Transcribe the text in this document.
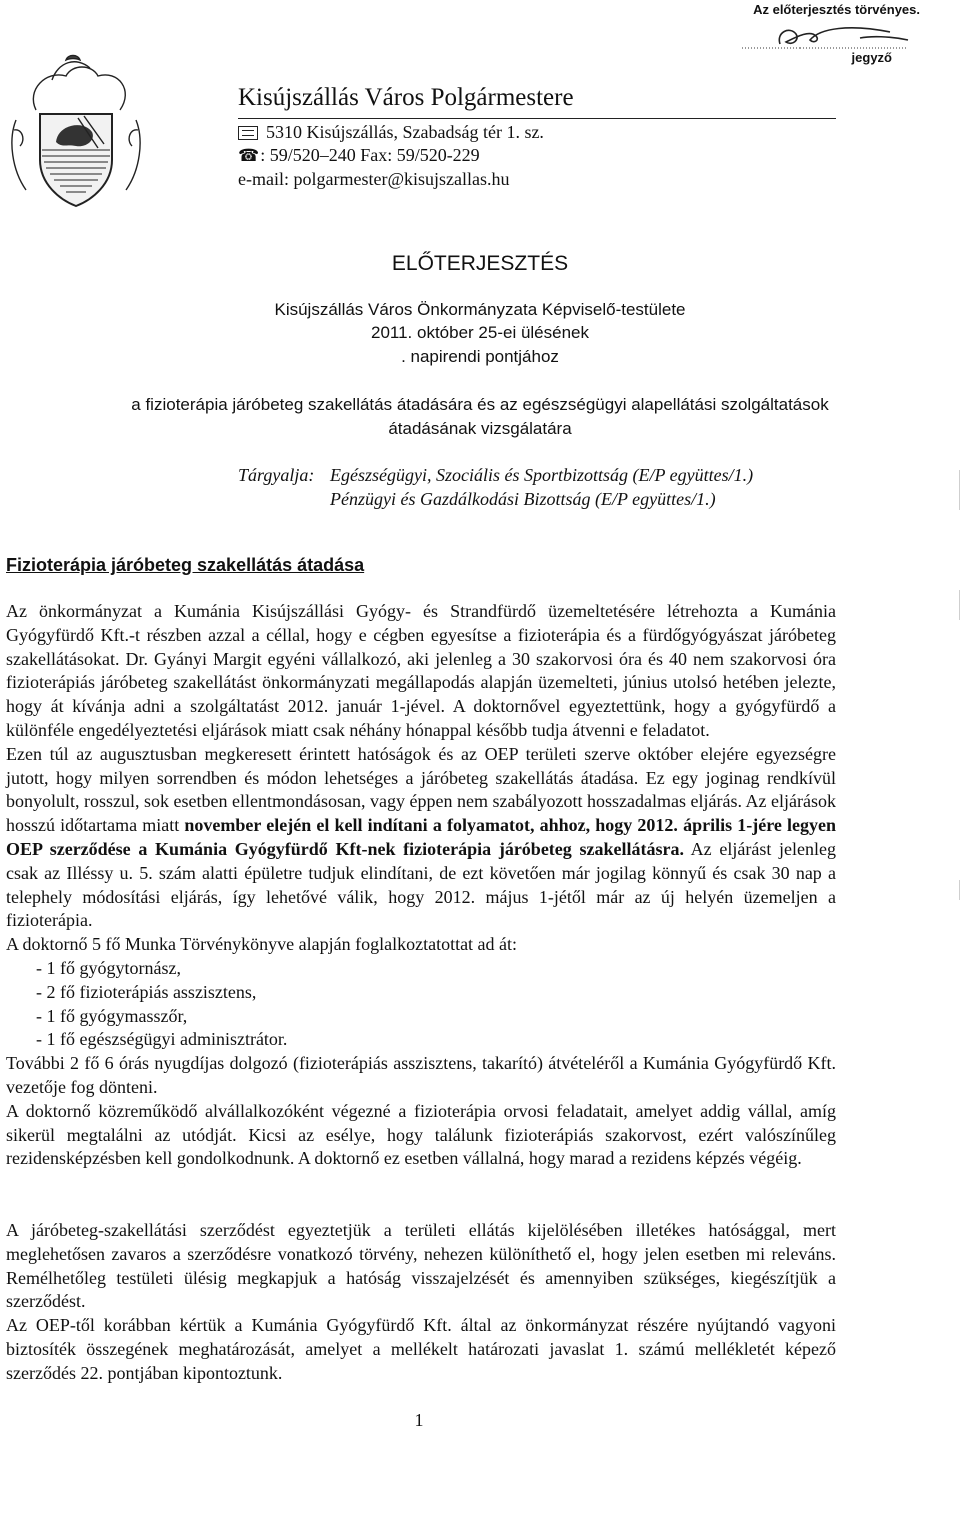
Az előterjesztés törvényes.
jegyző
Kisújszállás Város Polgármestere
5310 Kisújszállás, Szabadság tér 1. sz.
☎ : 59/520–240 Fax: 59/520-229
e-mail: polgarmester@kisujszallas.hu
ELŐTERJESZTÉS
Kisújszállás Város Önkormányzata Képviselő-testülete
2011. október 25-ei ülésének
. napirendi pontjához
a fizioterápia járóbeteg szakellátás átadására és az egészségügyi alapellátási szolgáltatások
átadásának vizsgálatára
Tárgyalja: Egészségügyi, Szociális és Sportbizottság (E/P együttes/1.)
Pénzügyi és Gazdálkodási Bizottság (E/P együttes/1.)
Fizioterápia járóbeteg szakellátás átadása

Az önkormányzat a Kumánia Kisújszállási Gyógy- és Strandfürdő üzemeltetésére létrehozta a Kumánia Gyógyfürdő Kft.-t részben azzal a céllal, hogy e cégben egyesítse a fizioterápia és a fürdőgyógyászat járóbeteg szakellátásokat. Dr. Gyányi Margit egyéni vállalkozó, aki jelenleg a 30 szakorvosi óra és 40 nem szakorvosi óra fizioterápiás járóbeteg szakellátást önkormányzati megállapodás alapján üzemelteti, június utolsó hetében jelezte, hogy át kívánja adni a szolgáltatást 2012. január 1-jével. A doktornővel egyeztettünk, hogy a gyógyfürdő a különféle engedélyeztetési eljárások miatt csak néhány hónappal később tudja átvenni e feladatot.

Ezen túl az augusztusban megkeresett érintett hatóságok és az OEP területi szerve október elejére egyezségre jutott, hogy milyen sorrendben és módon lehetséges a járóbeteg szakellátás átadása. Ez egy joginag rendkívül bonyolult, rosszul, sok esetben ellentmondásosan, vagy éppen nem szabályozott hosszadalmas eljárás. Az eljárások hosszú időtartama miatt november elején el kell indítani a folyamatot, ahhoz, hogy 2012. április 1-jére legyen OEP szerződése a Kumánia Gyógyfürdő Kft-nek fizioterápia járóbeteg szakellátásra. Az eljárást jelenleg csak az Illéssy u. 5. szám alatti épületre tudjuk elindítani, de ezt követően már jogilag könnyű és csak 30 nap a telephely módosítási eljárás, így lehetővé válik, hogy 2012. május 1-jétől már az új helyén üzemeljen a fizioterápia.

A doktornő 5 fő Munka Törvénykönyve alapján foglalkoztatottat ad át:

- 1 fő gyógytornász,

- 2 fő fizioterápiás asszisztens,

- 1 fő gyógymasszőr,

- 1 fő egészségügyi adminisztrátor.

További 2 fő 6 órás nyugdíjas dolgozó (fizioterápiás asszisztens, takarító) átvételéről a Kumánia Gyógyfürdő Kft. vezetője fog dönteni.

A doktornő közreműködő alvállalkozóként végezné a fizioterápia orvosi feladatait, amelyet addig vállal, amíg sikerül megtalálni az utódját. Kicsi az esélye, hogy találunk fizioterápiás szakorvost, ezért valószínűleg rezidensképzésben kell gondolkodnunk. A doktornő ez esetben vállalná, hogy marad a rezidens képzés végéig.

A járóbeteg-szakellátási szerződést egyeztetjük a területi ellátás kijelölésében illetékes hatósággal, mert meglehetősen zavaros a szerződésre vonatkozó törvény, nehezen különíthető el, hogy jelen esetben mi releváns. Remélhetőleg testületi ülésig megkapjuk a hatóság visszajelzését és amennyiben szükséges, kiegészítjük a szerződést.

Az OEP-től korábban kértük a Kumánia Gyógyfürdő Kft. által az önkormányzat részére nyújtandó vagyoni biztosíték összegének meghatározását, amelyet a mellékelt határozati javaslat 1. számú mellékletét képező szerződés 22. pontjában kipontoztunk.

1
